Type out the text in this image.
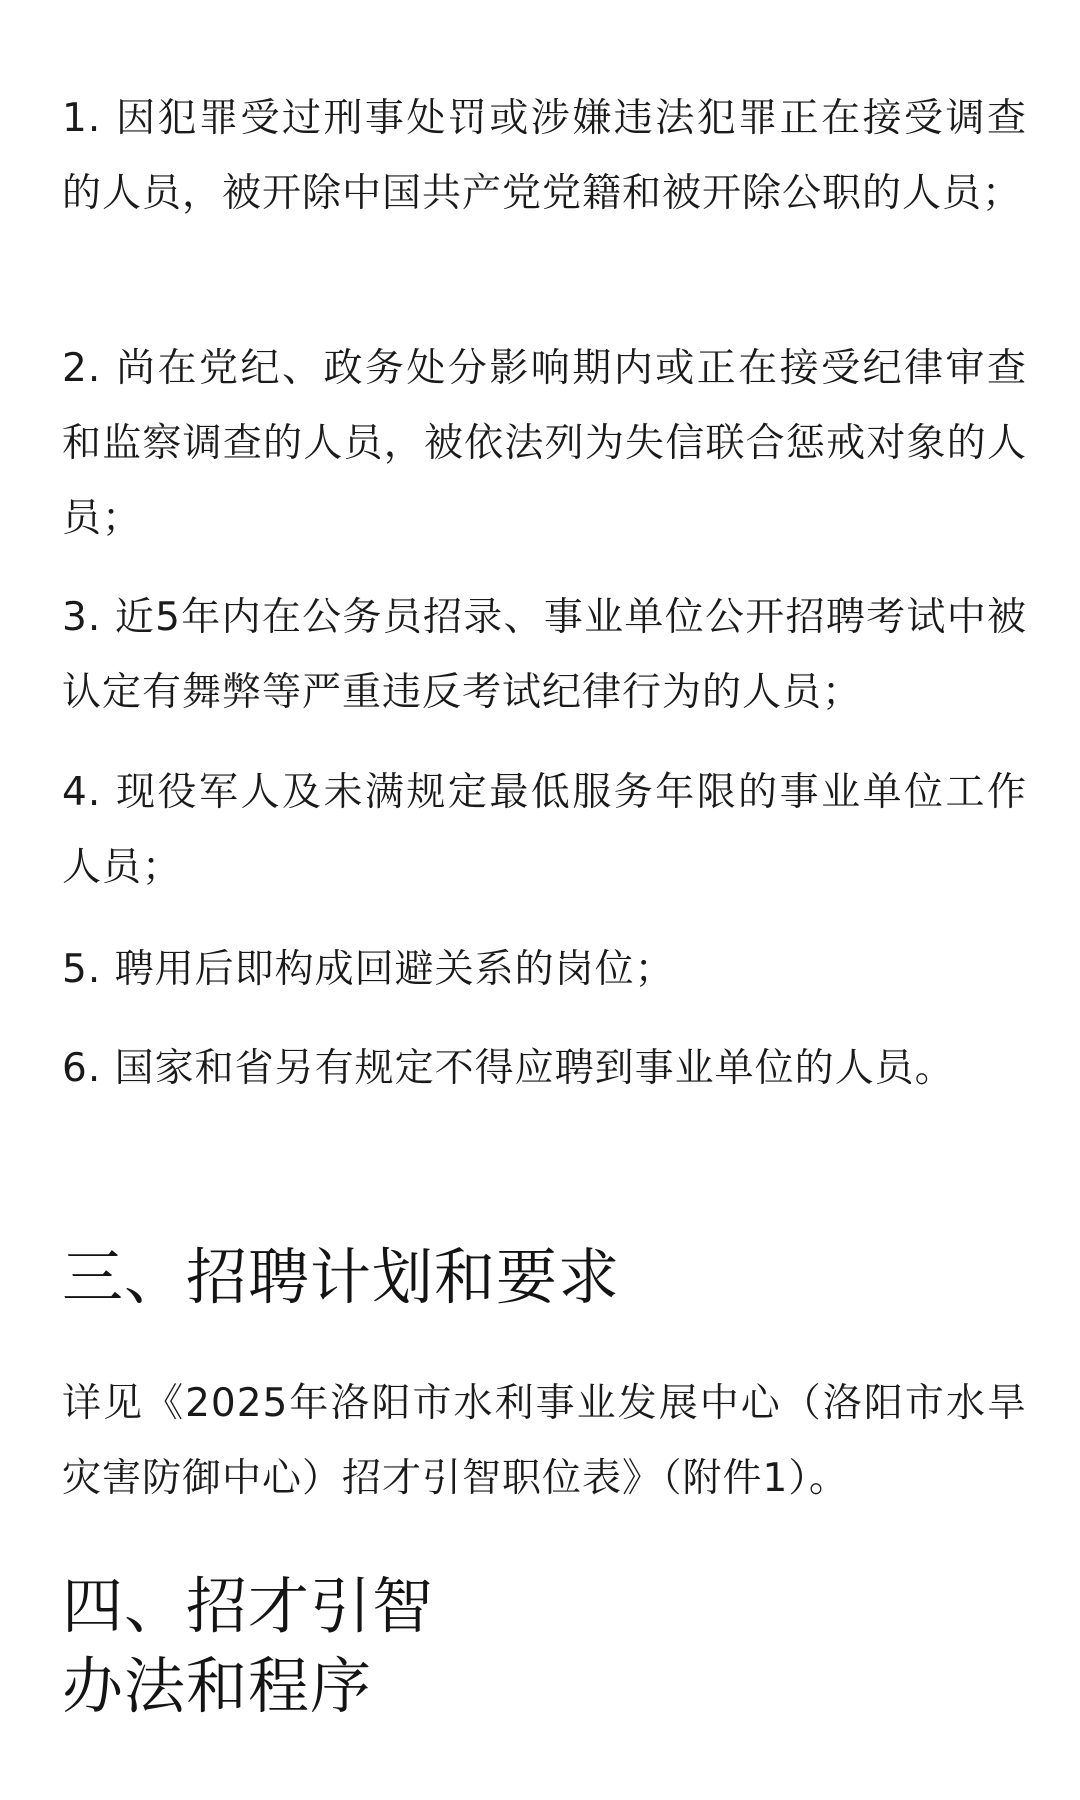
1. 因犯罪受过刑事处罚或涉嫌违法犯罪正在接受调查的人员，被开除中国共产党党籍和被开除公职的人员；

2. 尚在党纪、政务处分影响期内或正在接受纪律审查和监察调查的人员，被依法列为失信联合惩戒对象的人员；

3. 近5年内在公务员招录、事业单位公开招聘考试中被认定有舞弊等严重违反考试纪律行为的人员；

4. 现役军人及未满规定最低服务年限的事业单位工作人员；

5. 聘用后即构成回避关系的岗位；

6. 国家和省另有规定不得应聘到事业单位的人员。

三、招聘计划和要求

详见《2025年洛阳市水利事业发展中心（洛阳市水旱灾害防御中心）招才引智职位表》（附件1）。

四、招才引智
办法和程序
